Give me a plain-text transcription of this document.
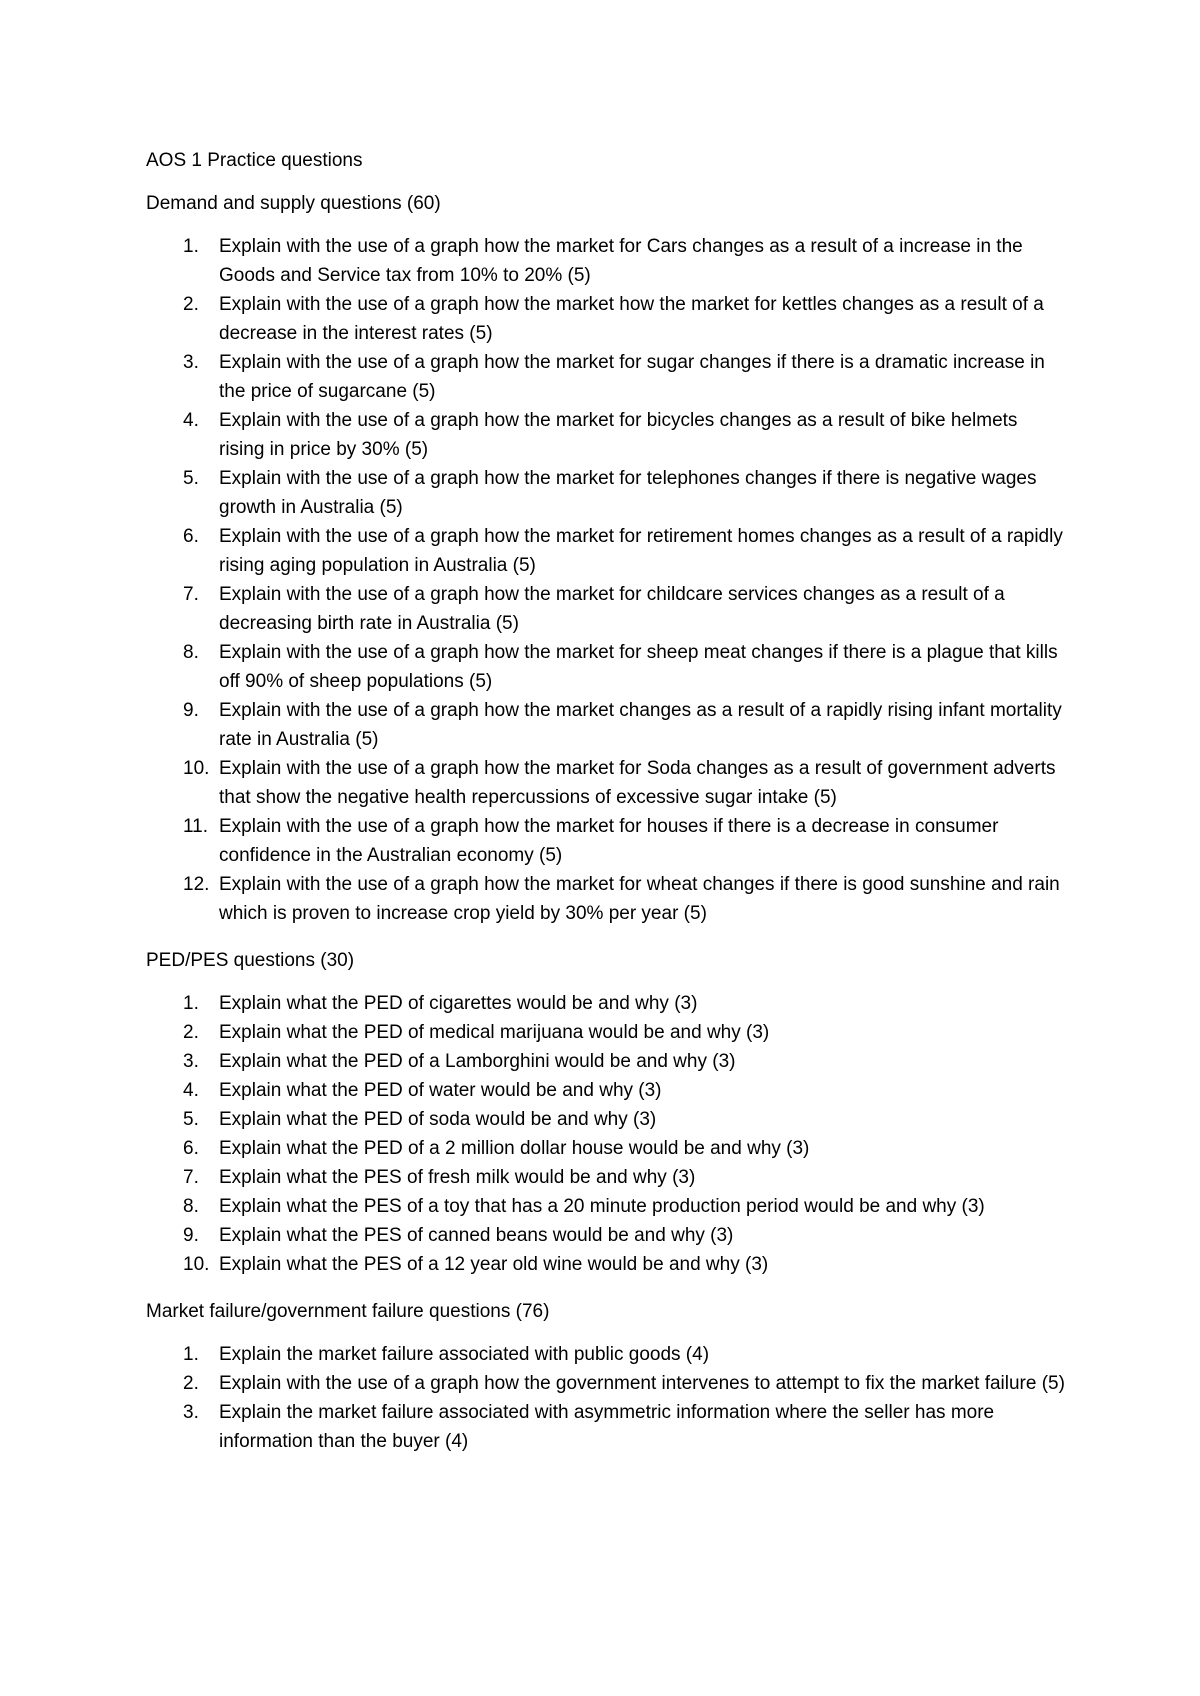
AOS 1 Practice questions

Demand and supply questions (60)

1. Explain with the use of a graph how the market for Cars changes as a result of a increase in the Goods and Service tax from 10% to 20% (5)
2. Explain with the use of a graph how the market how the market for kettles changes as a result of a decrease in the interest rates (5)
3. Explain with the use of a graph how the market for sugar changes if there is a dramatic increase in the price of sugarcane (5)
4. Explain with the use of a graph how the market for bicycles changes as a result of bike helmets rising in price by 30% (5)
5. Explain with the use of a graph how the market for telephones changes if there is negative wages growth in Australia (5)
6. Explain with the use of a graph how the market for retirement homes changes as a result of a rapidly rising aging population in Australia (5)
7. Explain with the use of a graph how the market for childcare services changes as a result of a decreasing birth rate in Australia (5)
8. Explain with the use of a graph how the market for sheep meat changes if there is a plague that kills off 90% of sheep populations (5)
9. Explain with the use of a graph how the market changes as a result of a rapidly rising infant mortality rate in Australia (5)
10. Explain with the use of a graph how the market for Soda changes as a result of government adverts that show the negative health repercussions of excessive sugar intake (5)
11. Explain with the use of a graph how the market for houses if there is a decrease in consumer confidence in the Australian economy (5)
12. Explain with the use of a graph how the market for wheat changes if there is good sunshine and rain which is proven to increase crop yield by 30% per year (5)

PED/PES questions (30)

1. Explain what the PED of cigarettes would be and why (3)
2. Explain what the PED of medical marijuana would be and why (3)
3. Explain what the PED of a Lamborghini would be and why (3)
4. Explain what the PED of water would be and why (3)
5. Explain what the PED of soda would be and why (3)
6. Explain what the PED of a 2 million dollar house would be and why (3)
7. Explain what the PES of fresh milk would be and why (3)
8. Explain what the PES of a toy that has a 20 minute production period would be and why (3)
9. Explain what the PES of canned beans would be and why (3)
10. Explain what the PES of a 12 year old wine would be and why (3)

Market failure/government failure questions (76)

1. Explain the market failure associated with public goods (4)
2. Explain with the use of a graph how the government intervenes to attempt to fix the market failure (5)
3. Explain the market failure associated with asymmetric information where the seller has more information than the buyer (4)
